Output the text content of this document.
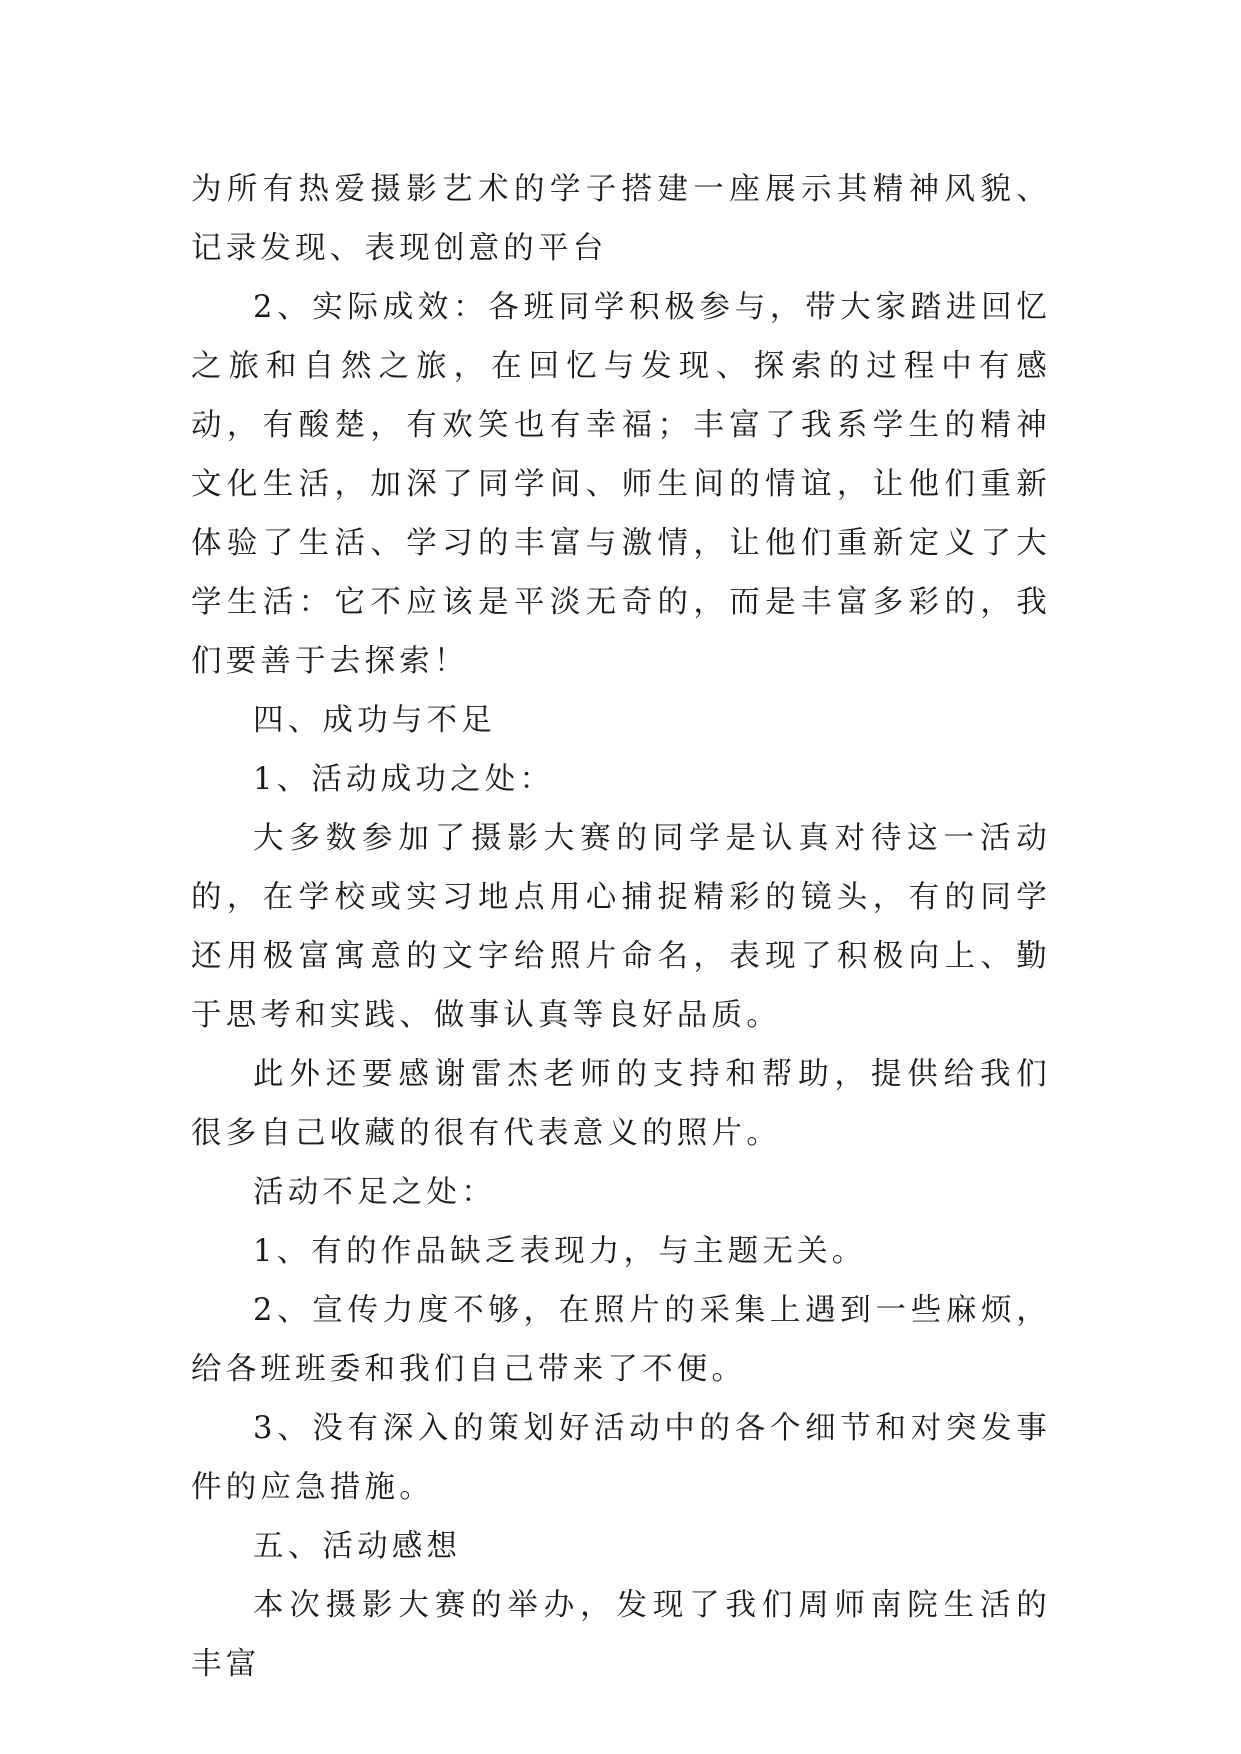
为所有热爱摄影艺术的学子搭建一座展示其精神风貌、记录发现、表现创意的平台

2、实际成效：各班同学积极参与，带大家踏进回忆之旅和自然之旅，在回忆与发现、探索的过程中有感动，有酸楚，有欢笑也有幸福；丰富了我系学生的精神文化生活，加深了同学间、师生间的情谊，让他们重新体验了生活、学习的丰富与激情，让他们重新定义了大学生活：它不应该是平淡无奇的，而是丰富多彩的，我们要善于去探索！

四、成功与不足

1、活动成功之处：

大多数参加了摄影大赛的同学是认真对待这一活动的，在学校或实习地点用心捕捉精彩的镜头，有的同学还用极富寓意的文字给照片命名，表现了积极向上、勤于思考和实践、做事认真等良好品质。

此外还要感谢雷杰老师的支持和帮助，提供给我们很多自己收藏的很有代表意义的照片。

活动不足之处：

1、有的作品缺乏表现力，与主题无关。

2、宣传力度不够，在照片的采集上遇到一些麻烦，给各班班委和我们自己带来了不便。

3、没有深入的策划好活动中的各个细节和对突发事件的应急措施。

五、活动感想

本次摄影大赛的举办，发现了我们周师南院生活的丰富
